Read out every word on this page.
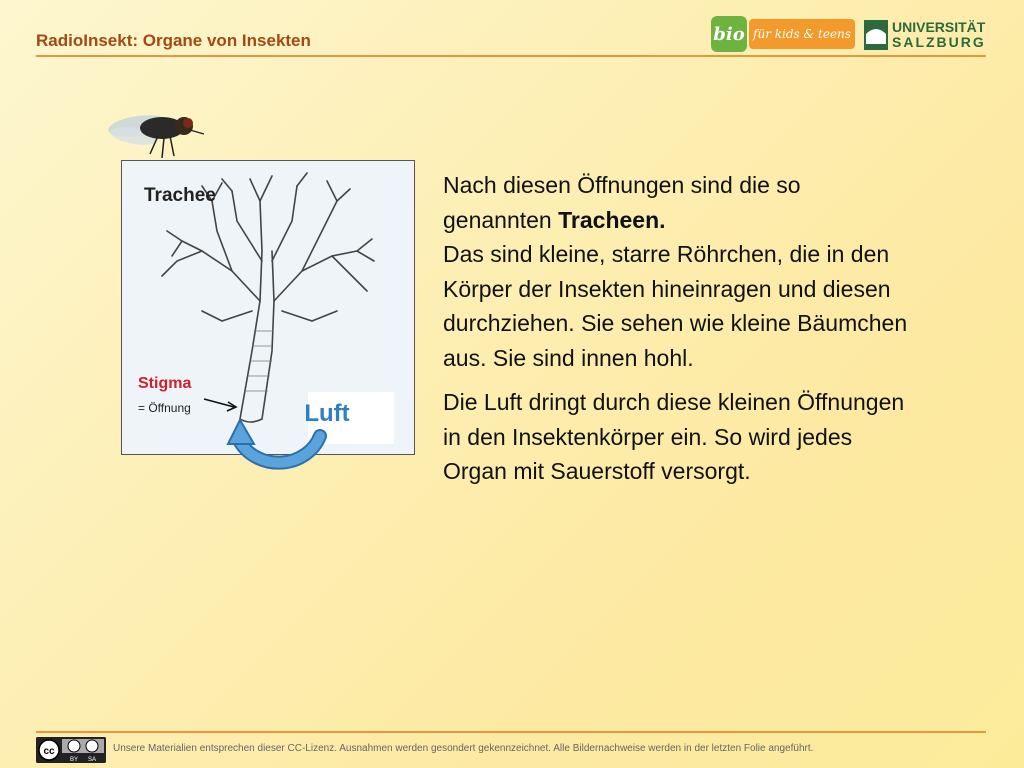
RadioInsekt: Organe von Insekten	bio für kids & teens	UNIVERSITÄT
SALZBURG
Trachee
Stigma
= Öffnung	Luft

Nach diesen Öffnungen sind die so genannten Tracheen.
Das sind kleine, starre Röhrchen, die in den Körper der Insekten hineinragen und diesen durchziehen. Sie sehen wie kleine Bäumchen aus. Sie sind innen hohl.

Die Luft dringt durch diese kleinen Öffnungen in den Insektenkörper ein. So wird jedes Organ mit Sauerstoff versorgt.

cc
BY SA
Unsere Materialien entsprechen dieser CC-Lizenz. Ausnahmen werden gesondert gekennzeichnet. Alle Bildernachweise werden in der letzten Folie angeführt.
